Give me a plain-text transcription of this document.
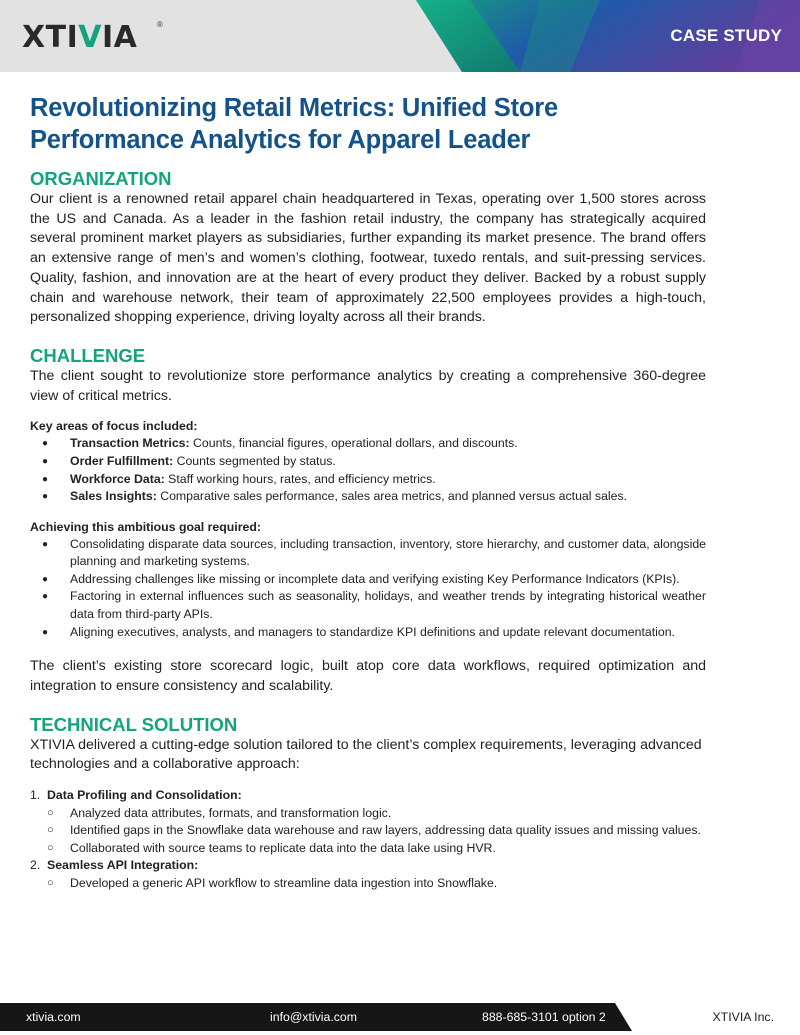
XTIVIA ®
CASE STUDY
Revolutionizing Retail Metrics: Unified Store Performance Analytics for Apparel Leader
ORGANIZATION

Our client is a renowned retail apparel chain headquartered in Texas, operating over 1,500 stores across the US and Canada. As a leader in the fashion retail industry, the company has strategically acquired several prominent market players as subsidiaries, further expanding its market presence. The brand offers an extensive range of men’s and women’s clothing, footwear, tuxedo rentals, and suit-pressing services. Quality, fashion, and innovation are at the heart of every product they deliver. Backed by a robust supply chain and warehouse network, their team of approximately 22,500 employees provides a high-touch, personalized shopping experience, driving loyalty across all their brands.

CHALLENGE

The client sought to revolutionize store performance analytics by creating a comprehensive 360-degree view of critical metrics.

Key areas of focus included:
● Transaction Metrics: Counts, financial figures, operational dollars, and discounts.
● Order Fulfillment: Counts segmented by status.
● Workforce Data: Staff working hours, rates, and efficiency metrics.
● Sales Insights: Comparative sales performance, sales area metrics, and planned versus actual sales.
Achieving this ambitious goal required:
● Consolidating disparate data sources, including transaction, inventory, store hierarchy, and customer data, alongside planning and marketing systems.
● Addressing challenges like missing or incomplete data and verifying existing Key Performance Indicators (KPIs).
● Factoring in external influences such as seasonality, holidays, and weather trends by integrating historical weather data from third-party APIs.
● Aligning executives, analysts, and managers to standardize KPI definitions and update relevant documentation.

The client’s existing store scorecard logic, built atop core data workflows, required optimization and integration to ensure consistency and scalability.

TECHNICAL SOLUTION

XTIVIA delivered a cutting-edge solution tailored to the client’s complex requirements, leveraging advanced technologies and a collaborative approach:

1. Data Profiling and Consolidation:
○ Analyzed data attributes, formats, and transformation logic.
○ Identified gaps in the Snowflake data warehouse and raw layers, addressing data quality issues and missing values.
○ Collaborated with source teams to replicate data into the data lake using HVR.
2. Seamless API Integration:
○ Developed a generic API workflow to streamline data ingestion into Snowflake.
xtivia.com	info@xtivia.com	888-685-3101 option 2	XTIVIA Inc.
